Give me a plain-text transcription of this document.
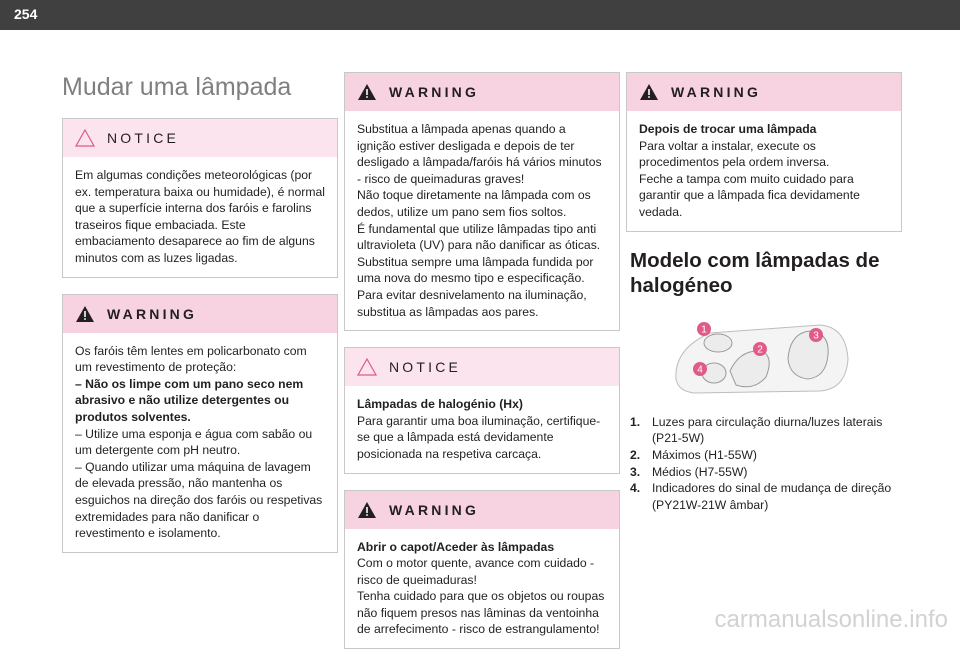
254
Mudar uma lâmpada
NOTICE

Em algumas condições meteorológicas (por ex. temperatura baixa ou humidade), é normal que a superfície interna dos faróis e farolins traseiros fique embaciada. Este embaciamento desaparece ao fim de alguns minutos com as luzes ligadas.

WARNING

Os faróis têm lentes em policarbonato com um revestimento de proteção:

– Não os limpe com um pano seco nem abrasivo e não utilize detergentes ou produtos solventes.

– Utilize uma esponja e água com sabão ou um detergente com pH neutro.

– Quando utilizar uma máquina de lavagem de elevada pressão, não mantenha os esguichos na direção dos faróis ou respetivas extremidades para não danificar o revestimento e isolamento.

WARNING

Substitua a lâmpada apenas quando a ignição estiver desligada e depois de ter desligado a lâmpada/faróis há vários minutos - risco de queimaduras graves!

Não toque diretamente na lâmpada com os dedos, utilize um pano sem fios soltos.

É fundamental que utilize lâmpadas tipo anti ultravioleta (UV) para não danificar as óticas.

Substitua sempre uma lâmpada fundida por uma nova do mesmo tipo e especificação.

Para evitar desnivelamento na iluminação, substitua as lâmpadas aos pares.

NOTICE

Lâmpadas de halogénio (Hx)

Para garantir uma boa iluminação, certifique-se que a lâmpada está devidamente posicionada na respetiva carcaça.

WARNING

Abrir o capot/Aceder às lâmpadas

Com o motor quente, avance com cuidado - risco de queimaduras!

Tenha cuidado para que os objetos ou roupas não fiquem presos nas lâminas da ventoinha de arrefecimento - risco de estrangulamento!

WARNING

Depois de trocar uma lâmpada

Para voltar a instalar, execute os procedimentos pela ordem inversa.

Feche a tampa com muito cuidado para garantir que a lâmpada fica devidamente vedada.

Modelo com lâmpadas de halogéneo
1
2
3
4
1. Luzes para circulação diurna/luzes laterais (P21-5W)
2. Máximos (H1-55W)
3. Médios (H7-55W)
4. Indicadores do sinal de mudança de direção (PY21W-21W âmbar)
carmanualsonline.info
